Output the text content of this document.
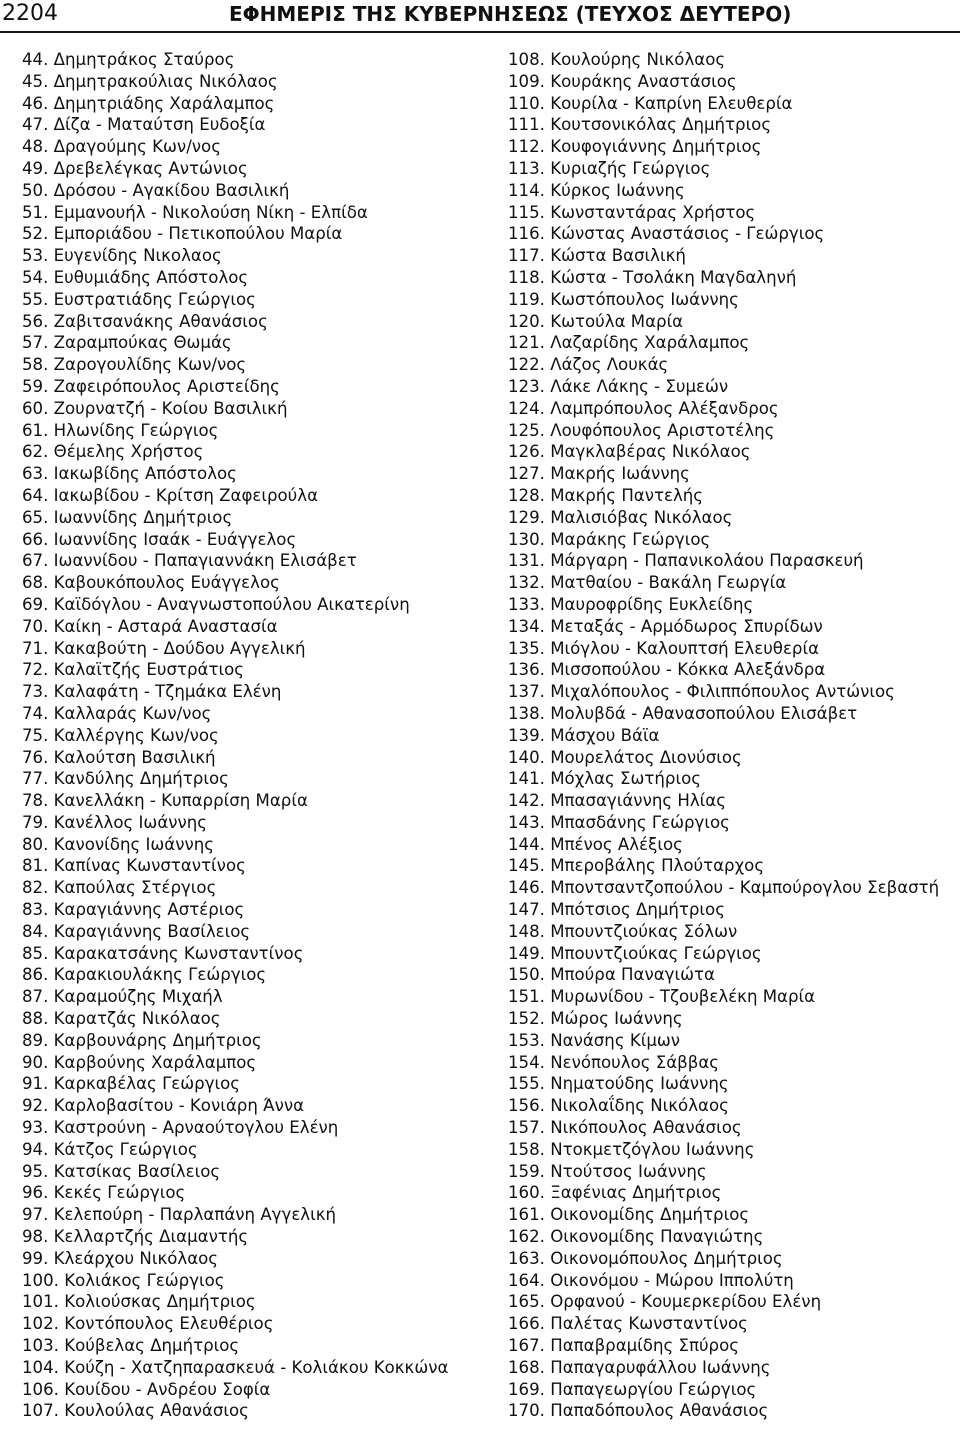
2204	ΕΦΗΜΕΡΙΣ ΤΗΣ ΚΥΒΕΡΝΗΣΕΩΣ (ΤΕΥΧΟΣ ΔΕΥΤΕΡΟ)
44. Δημητράκος Σταύρος
45. Δημητρακούλιας Νικόλαος
46. Δημητριάδης Χαράλαμπος
47. Δίζα - Ματαύτση Ευδοξία
48. Δραγούμης Κων/νος
49. Δρεβελέγκας Αντώνιος
50. Δρόσου - Αγακίδου Βασιλική
51. Εμμανουήλ - Νικολούση Νίκη - Ελπίδα
52. Εμποριάδου - Πετικοπούλου Μαρία
53. Ευγενίδης Νικολαος
54. Ευθυμιάδης Απόστολος
55. Ευστρατιάδης Γεώργιος
56. Ζαβιτσανάκης Αθανάσιος
57. Ζαραμπούκας Θωμάς
58. Ζαρογουλίδης Κων/νος
59. Ζαφειρόπουλος Αριστείδης
60. Ζουρνατζή - Κοίου Βασιλική
61. Ηλωνίδης Γεώργιος
62. Θέμελης Χρήστος
63. Ιακωβίδης Απόστολος
64. Ιακωβίδου - Κρίτση Ζαφειρούλα
65. Ιωαννίδης Δημήτριος
66. Ιωαννίδης Ισαάκ - Ευάγγελος
67. Ιωαννίδου - Παπαγιαννάκη Ελισάβετ
68. Καβουκόπουλος Ευάγγελος
69. Καϊδόγλου - Αναγνωστοπούλου Αικατερίνη
70. Καίκη - Ασταρά Αναστασία
71. Κακαβούτη - Δούδου Αγγελική
72. Καλαϊτζής Ευστράτιος
73. Καλαφάτη - Τζημάκα Ελένη
74. Καλλαράς Κων/νος
75. Καλλέργης Κων/νος
76. Καλούτση Βασιλική
77. Κανδύλης Δημήτριος
78. Κανελλάκη - Κυπαρρίση Μαρία
79. Κανέλλος Ιωάννης
80. Κανονίδης Ιωάννης
81. Καπίνας Κωνσταντίνος
82. Καπούλας Στέργιος
83. Καραγιάννης Αστέριος
84. Καραγιάννης Βασίλειος
85. Καρακατσάνης Κωνσταντίνος
86. Καρακιουλάκης Γεώργιος
87. Καραμούζης Μιχαήλ
88. Καρατζάς Νικόλαος
89. Καρβουνάρης Δημήτριος
90. Καρβούνης Χαράλαμπος
91. Καρκαβέλας Γεώργιος
92. Καρλοβασίτου - Κονιάρη Άννα
93. Καστρούνη - Αρναούτογλου Ελένη
94. Κάτζος Γεώργιος
95. Κατσίκας Βασίλειος
96. Κεκές Γεώργιος
97. Κελεπούρη - Παρλαπάνη Αγγελική
98. Κελλαρτζής Διαμαντής
99. Κλεάρχου Νικόλαος
100. Κολιάκος Γεώργιος
101. Κολιούσκας Δημήτριος
102. Κοντόπουλος Ελευθέριος
103. Κούβελας Δημήτριος
104. Κούζη - Χατζηπαρασκευά - Κολιάκου Κοκκώνα
106. Κουίδου - Ανδρέου Σοφία
107. Κουλούλας Αθανάσιος
108. Κουλούρης Νικόλαος
109. Κουράκης Αναστάσιος
110. Κουρίλα - Καπρίνη Ελευθερία
111. Κουτσονικόλας Δημήτριος
112. Κουφογιάννης Δημήτριος
113. Κυριαζής Γεώργιος
114. Κύρκος Ιωάννης
115. Κωνσταντάρας Χρήστος
116. Κώνστας Αναστάσιος - Γεώργιος
117. Κώστα Βασιλική
118. Κώστα - Τσολάκη Μαγδαληνή
119. Κωστόπουλος Ιωάννης
120. Κωτούλα Μαρία
121. Λαζαρίδης Χαράλαμπος
122. Λάζος Λουκάς
123. Λάκε Λάκης - Συμεών
124. Λαμπρόπουλος Αλέξανδρος
125. Λουφόπουλος Αριστοτέλης
126. Μαγκλαβέρας Νικόλαος
127. Μακρής Ιωάννης
128. Μακρής Παντελής
129. Μαλισιόβας Νικόλαος
130. Μαράκης Γεώργιος
131. Μάργαρη - Παπανικολάου Παρασκευή
132. Ματθαίου - Βακάλη Γεωργία
133. Μαυροφρίδης Ευκλείδης
134. Μεταξάς - Αρμόδωρος Σπυρίδων
135. Μιόγλου - Καλουπτσή Ελευθερία
136. Μισσοπούλου - Κόκκα Αλεξάνδρα
137. Μιχαλόπουλος - Φιλιππόπουλος Αντώνιος
138. Μολυβδά - Αθανασοπούλου Ελισάβετ
139. Μάσχου Βάϊα
140. Μουρελάτος Διονύσιος
141. Μόχλας Σωτήριος
142. Μπασαγιάννης Ηλίας
143. Μπασδάνης Γεώργιος
144. Μπένος Αλέξιος
145. Μπεροβάλης Πλούταρχος
146. Μποντσαντζοπούλου - Καμπούρογλου Σεβαστή
147. Μπότσιος Δημήτριος
148. Μπουντζιούκας Σόλων
149. Μπουντζιούκας Γεώργιος
150. Μπούρα Παναγιώτα
151. Μυρωνίδου - Τζουβελέκη Μαρία
152. Μώρος Ιωάννης
153. Νανάσης Κίμων
154. Νενόπουλος Σάββας
155. Νηματούδης Ιωάννης
156. Νικολαΐδης Νικόλαος
157. Νικόπουλος Αθανάσιος
158. Ντοκμετζόγλου Ιωάννης
159. Ντούτσος Ιωάννης
160. Ξαφένιας Δημήτριος
161. Οικονομίδης Δημήτριος
162. Οικονομίδης Παναγιώτης
163. Οικονομόπουλος Δημήτριος
164. Οικονόμου - Μώρου Ιππολύτη
165. Ορφανού - Κουμερκερίδου Ελένη
166. Παλέτας Κωνσταντίνος
167. Παπαβραμίδης Σπύρος
168. Παπαγαρυφάλλου Ιωάννης
169. Παπαγεωργίου Γεώργιος
170. Παπαδόπουλος Αθανάσιος
